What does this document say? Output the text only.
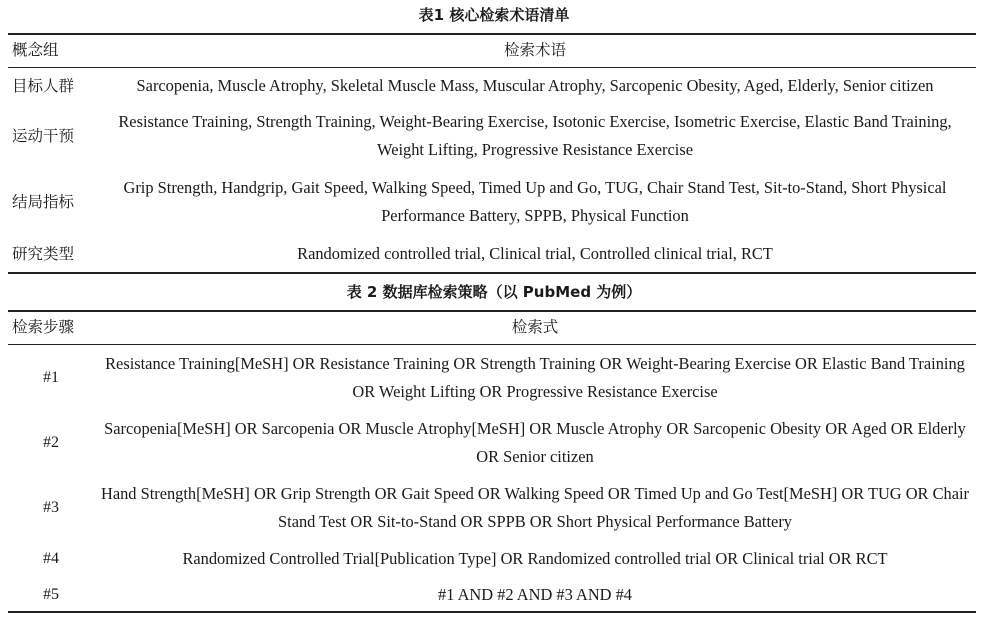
表1 核心检索术语清单
概念组	检索术语
目标人群	Sarcopenia, Muscle Atrophy, Skeletal Muscle Mass, Muscular Atrophy, Sarcopenic Obesity, Aged, Elderly, Senior citizen
运动干预	Resistance Training, Strength Training, Weight-Bearing Exercise, Isotonic Exercise, Isometric Exercise, Elastic Band Training, Weight Lifting, Progressive Resistance Exercise
结局指标	Grip Strength, Handgrip, Gait Speed, Walking Speed, Timed Up and Go, TUG, Chair Stand Test, Sit-to-Stand, Short Physical Performance Battery, SPPB, Physical Function
研究类型	Randomized controlled trial, Clinical trial, Controlled clinical trial, RCT
表 2 数据库检索策略（以 PubMed 为例）
检索步骤	检索式
#1	Resistance Training[MeSH] OR Resistance Training OR Strength Training OR Weight-Bearing Exercise OR Elastic Band Training OR Weight Lifting OR Progressive Resistance Exercise
#2	Sarcopenia[MeSH] OR Sarcopenia OR Muscle Atrophy[MeSH] OR Muscle Atrophy OR Sarcopenic Obesity OR Aged OR Elderly OR Senior citizen
#3	Hand Strength[MeSH] OR Grip Strength OR Gait Speed OR Walking Speed OR Timed Up and Go Test[MeSH] OR TUG OR Chair Stand Test OR Sit-to-Stand OR SPPB OR Short Physical Performance Battery
#4	Randomized Controlled Trial[Publication Type] OR Randomized controlled trial OR Clinical trial OR RCT
#5	#1 AND #2 AND #3 AND #4
